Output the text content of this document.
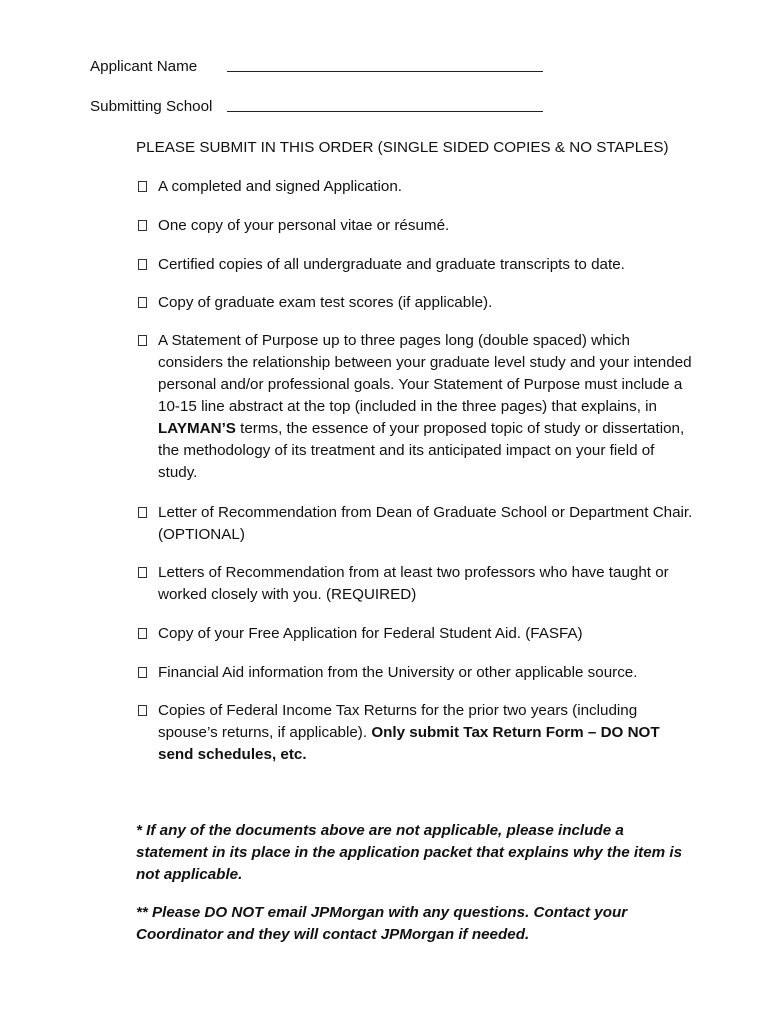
Applicant Name
Submitting School
PLEASE SUBMIT IN THIS ORDER (SINGLE SIDED COPIES & NO STAPLES)
A completed and signed Application.
One copy of your personal vitae or résumé.
Certified copies of all undergraduate and graduate transcripts to date.
Copy of graduate exam test scores (if applicable).
A Statement of Purpose up to three pages long (double spaced) which considers the relationship between your graduate level study and your intended personal and/or professional goals. Your Statement of Purpose must include a 10-15 line abstract at the top (included in the three pages) that explains, in LAYMAN’S terms, the essence of your proposed topic of study or dissertation, the methodology of its treatment and its anticipated impact on your field of study.
Letter of Recommendation from Dean of Graduate School or Department Chair. (OPTIONAL)
Letters of Recommendation from at least two professors who have taught or worked closely with you. (REQUIRED)
Copy of your Free Application for Federal Student Aid. (FASFA)
Financial Aid information from the University or other applicable source.
Copies of Federal Income Tax Returns for the prior two years (including spouse’s returns, if applicable). Only submit Tax Return Form – DO NOT send schedules, etc.
* If any of the documents above are not applicable, please include a statement in its place in the application packet that explains why the item is not applicable.
** Please DO NOT email JPMorgan with any questions. Contact your Coordinator and they will contact JPMorgan if needed.
